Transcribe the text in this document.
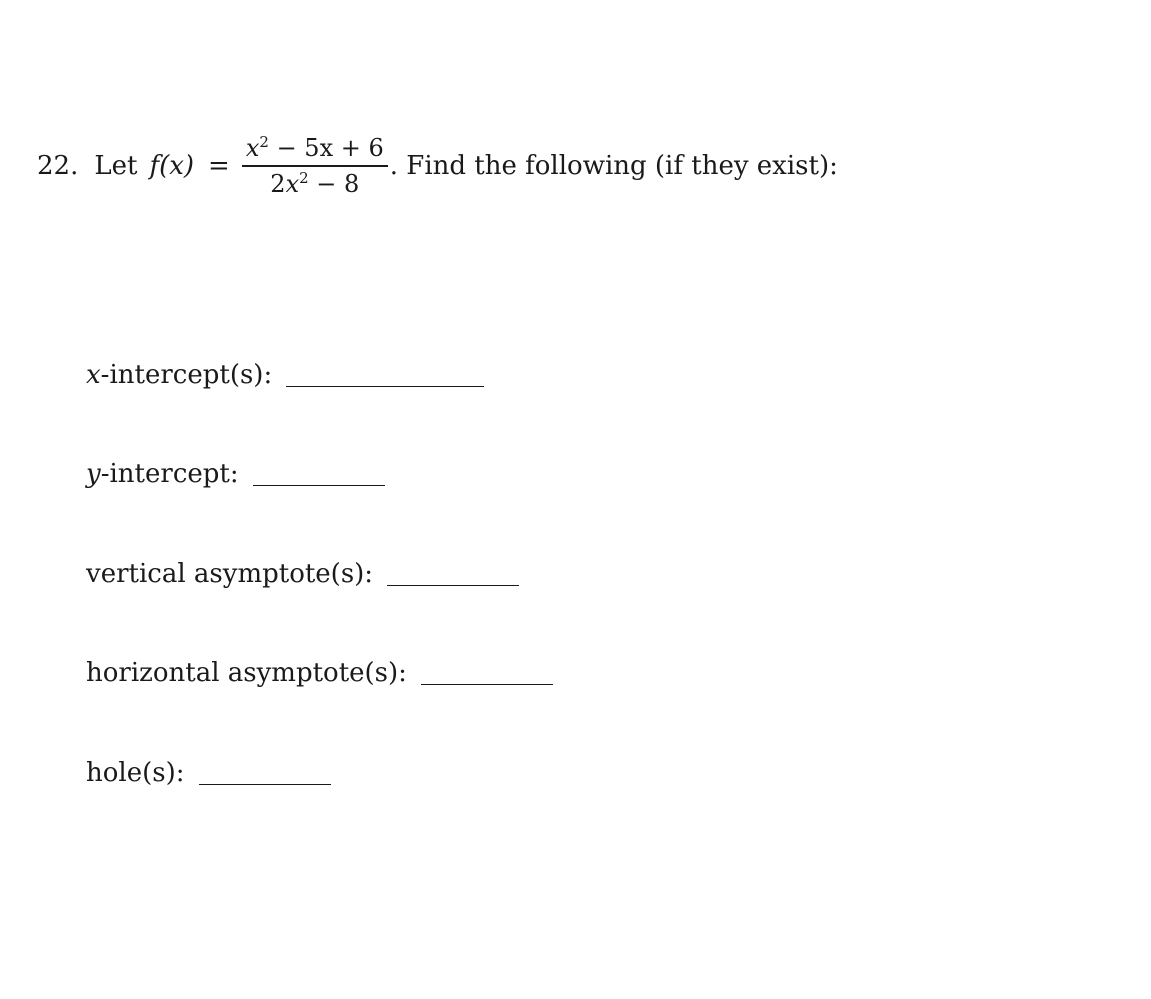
22. Let f $(x) = \frac{x^2 - 5x + 6}{2x^2 - 8}$ . Find the following (if they exist):
x -intercept(s):
y -intercept:
vertical asymptote(s):
horizontal asymptote(s):
hole(s):
